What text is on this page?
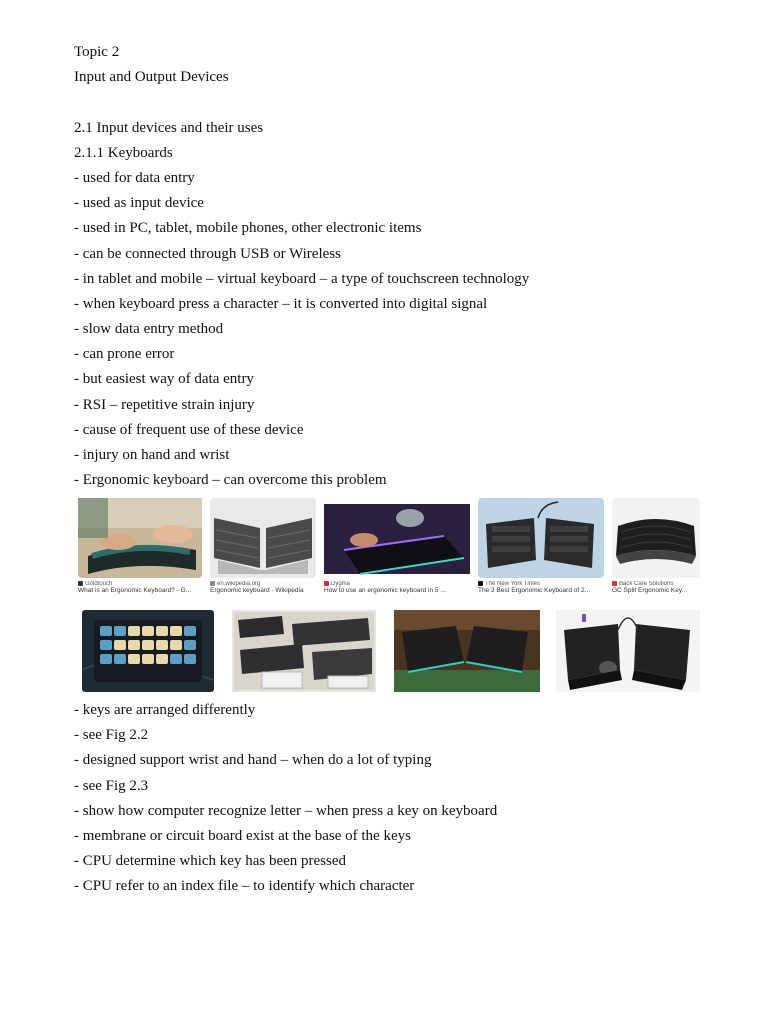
Topic 2
Input and Output Devices
2.1 Input devices and their uses
2.1.1 Keyboards
- used for data entry
- used as input device
- used in PC, tablet, mobile phones, other electronic items
- can be connected through USB or Wireless
- in tablet and mobile – virtual keyboard – a type of touchscreen technology
- when keyboard press a character – it is converted into digital signal
- slow data entry method
- can prone error
- but easiest way of data entry
- RSI – repetitive strain injury
- cause of frequent use of these device
- injury on hand and wrist
- Ergonomic keyboard – can overcome this problem
Goldtouch
What is an Ergonomic Keyboard? - G...
en.wikipedia.org
Ergonomic keyboard - Wikipedia
Dygma
How to use an ergonomic keyboard in 5 ...
The New York Times
The 3 Best Ergonomic Keyboard of 2...
Back Care Solutions
GC Split Ergonomic Key...
- keys are arranged differently
- see Fig 2.2
- designed support wrist and hand – when do a lot of typing
- see Fig 2.3
- show how computer recognize letter – when press a key on keyboard
- membrane or circuit board exist at the base of the keys
- CPU determine which key has been pressed
- CPU refer to an index file – to identify which character
